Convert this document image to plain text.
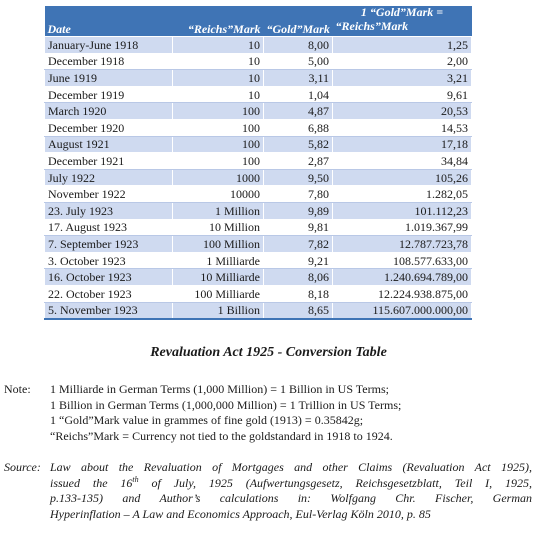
			1 “Gold”Mark =
Date	“Reichs”Mark	“Gold”Mark	“Reichs”Mark
January-June 1918	10	8,00	1,25
December 1918	10	5,00	2,00
June 1919	10	3,11	3,21
December 1919	10	1,04	9,61
March 1920	100	4,87	20,53
December 1920	100	6,88	14,53
August 1921	100	5,82	17,18
December 1921	100	2,87	34,84
July 1922	1000	9,50	105,26
November 1922	10000	7,80	1.282,05
23. July 1923	1 Million	9,89	101.112,23
17. August 1923	10 Million	9,81	1.019.367,99
7. September 1923	100 Million	7,82	12.787.723,78
3. October 1923	1 Milliarde	9,21	108.577.633,00
16. October 1923	10 Milliarde	8,06	1.240.694.789,00
22. October 1923	100 Milliarde	8,18	12.224.938.875,00
5. November 1923	1 Billion	8,65	115.607.000.000,00
Revaluation Act 1925 - Conversion Table
Note: 1 Milliarde in German Terms (1,000 Million) = 1 Billion in US Terms;
1 Billion in German Terms (1,000,000 Million) = 1 Trillion in US Terms;
1 “Gold”Mark value in grammes of fine gold (1913) = 0.35842g;
“Reichs”Mark = Currency not tied to the goldstandard in 1918 to 1924.
Source: Law about the Revaluation of Mortgages and other Claims (Revaluation Act 1925),
issued the 16th of July, 1925 (Aufwertungsgesetz, Reichsgesetzblatt, Teil I, 1925,
p.133-135) and Author’s calculations in: Wolfgang Chr. Fischer, German
Hyperinflation – A Law and Economics Approach, Eul-Verlag Köln 2010, p. 85
